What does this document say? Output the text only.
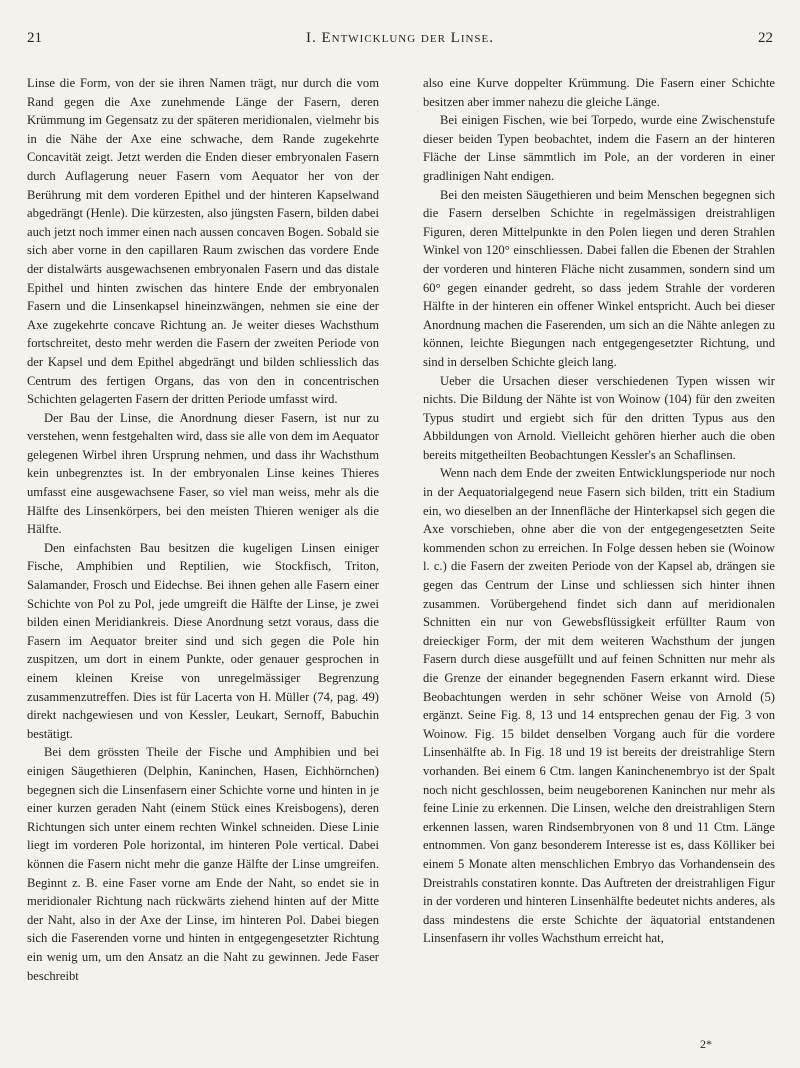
21	I. Entwicklung der Linse.	22

Linse die Form, von der sie ihren Namen trägt, nur durch die vom Rand gegen die Axe zunehmende Länge der Fasern, deren Krümmung im Gegensatz zu der späteren meridionalen, vielmehr bis in die Nähe der Axe eine schwache, dem Rande zugekehrte Concavität zeigt. Jetzt werden die Enden dieser embryonalen Fasern durch Auflagerung neuer Fasern vom Aequator her von der Berührung mit dem vorderen Epithel und der hinteren Kapselwand abgedrängt (Henle). Die kürzesten, also jüngsten Fasern, bilden dabei auch jetzt noch immer einen nach aussen concaven Bogen. Sobald sie sich aber vorne in den capillaren Raum zwischen das vordere Ende der distalwärts ausgewachsenen embryonalen Fasern und das distale Epithel und hinten zwischen das hintere Ende der embryonalen Fasern und die Linsenkapsel hineinzwängen, nehmen sie eine der Axe zugekehrte concave Richtung an. Je weiter dieses Wachsthum fortschreitet, desto mehr werden die Fasern der zweiten Periode von der Kapsel und dem Epithel abgedrängt und bilden schliesslich das Centrum des fertigen Organs, das von den in concentrischen Schichten gelagerten Fasern der dritten Periode umfasst wird.

Der Bau der Linse, die Anordnung dieser Fasern, ist nur zu verstehen, wenn festgehalten wird, dass sie alle von dem im Aequator gelegenen Wirbel ihren Ursprung nehmen, und dass ihr Wachsthum kein unbegrenztes ist. In der embryonalen Linse keines Thieres umfasst eine ausgewachsene Faser, so viel man weiss, mehr als die Hälfte des Linsenkörpers, bei den meisten Thieren weniger als die Hälfte.

Den einfachsten Bau besitzen die kugeligen Linsen einiger Fische, Amphibien und Reptilien, wie Stockfisch, Triton, Salamander, Frosch und Eidechse. Bei ihnen gehen alle Fasern einer Schichte von Pol zu Pol, jede umgreift die Hälfte der Linse, je zwei bilden einen Meridiankreis. Diese Anordnung setzt voraus, dass die Fasern im Aequator breiter sind und sich gegen die Pole hin zuspitzen, um dort in einem Punkte, oder genauer gesprochen in einem kleinen Kreise von unregelmässiger Begrenzung zusammenzutreffen. Dies ist für Lacerta von H. Müller (74, pag. 49) direkt nachgewiesen und von Kessler, Leukart, Sernoff, Babuchin bestätigt.

Bei dem grössten Theile der Fische und Amphibien und bei einigen Säugethieren (Delphin, Kaninchen, Hasen, Eichhörnchen) begegnen sich die Linsenfasern einer Schichte vorne und hinten in je einer kurzen geraden Naht (einem Stück eines Kreisbogens), deren Richtungen sich unter einem rechten Winkel schneiden. Diese Linie liegt im vorderen Pole horizontal, im hinteren Pole vertical. Dabei können die Fasern nicht mehr die ganze Hälfte der Linse umgreifen. Beginnt z. B. eine Faser vorne am Ende der Naht, so endet sie in meridionaler Richtung nach rückwärts ziehend hinten auf der Mitte der Naht, also in der Axe der Linse, im hinteren Pol. Dabei biegen sich die Faserenden vorne und hinten in entgegengesetzter Richtung ein wenig um, um den Ansatz an die Naht zu gewinnen. Jede Faser beschreibt

also eine Kurve doppelter Krümmung. Die Fasern einer Schichte besitzen aber immer nahezu die gleiche Länge.

Bei einigen Fischen, wie bei Torpedo, wurde eine Zwischenstufe dieser beiden Typen beobachtet, indem die Fasern an der hinteren Fläche der Linse sämmtlich im Pole, an der vorderen in einer gradlinigen Naht endigen.

Bei den meisten Säugethieren und beim Menschen begegnen sich die Fasern derselben Schichte in regelmässigen dreistrahligen Figuren, deren Mittelpunkte in den Polen liegen und deren Strahlen Winkel von 120° einschliessen. Dabei fallen die Ebenen der Strahlen der vorderen und hinteren Fläche nicht zusammen, sondern sind um 60° gegen einander gedreht, so dass jedem Strahle der vorderen Hälfte in der hinteren ein offener Winkel entspricht. Auch bei dieser Anordnung machen die Faserenden, um sich an die Nähte anlegen zu können, leichte Biegungen nach entgegengesetzter Richtung, und sind in derselben Schichte gleich lang.

Ueber die Ursachen dieser verschiedenen Typen wissen wir nichts. Die Bildung der Nähte ist von Woinow (104) für den zweiten Typus studirt und ergiebt sich für den dritten Typus aus den Abbildungen von Arnold. Vielleicht gehören hierher auch die oben bereits mitgetheilten Beobachtungen Kessler's an Schaflinsen.

Wenn nach dem Ende der zweiten Entwicklungsperiode nur noch in der Aequatorialgegend neue Fasern sich bilden, tritt ein Stadium ein, wo dieselben an der Innenfläche der Hinterkapsel sich gegen die Axe vorschieben, ohne aber die von der entgegengesetzten Seite kommenden schon zu erreichen. In Folge dessen heben sie (Woinow l. c.) die Fasern der zweiten Periode von der Kapsel ab, drängen sie gegen das Centrum der Linse und schliessen sich hinter ihnen zusammen. Vorübergehend findet sich dann auf meridionalen Schnitten ein nur von Gewebsflüssigkeit erfüllter Raum von dreieckiger Form, der mit dem weiteren Wachsthum der jungen Fasern durch diese ausgefüllt und auf feinen Schnitten nur mehr als die Grenze der einander begegnenden Fasern erkannt wird. Diese Beobachtungen werden in sehr schöner Weise von Arnold (5) ergänzt. Seine Fig. 8, 13 und 14 entsprechen genau der Fig. 3 von Woinow. Fig. 15 bildet denselben Vorgang auch für die vordere Linsenhälfte ab. In Fig. 18 und 19 ist bereits der dreistrahlige Stern vorhanden. Bei einem 6 Ctm. langen Kaninchenembryo ist der Spalt noch nicht geschlossen, beim neugeborenen Kaninchen nur mehr als feine Linie zu erkennen. Die Linsen, welche den dreistrahligen Stern erkennen lassen, waren Rindsembryonen von 8 und 11 Ctm. Länge entnommen. Von ganz besonderem Interesse ist es, dass Kölliker bei einem 5 Monate alten menschlichen Embryo das Vorhandensein des Dreistrahls constatiren konnte. Das Auftreten der dreistrahligen Figur in der vorderen und hinteren Linsenhälfte bedeutet nichts anderes, als dass mindestens die erste Schichte der äquatorial entstandenen Linsenfasern ihr volles Wachsthum erreicht hat,

2*
